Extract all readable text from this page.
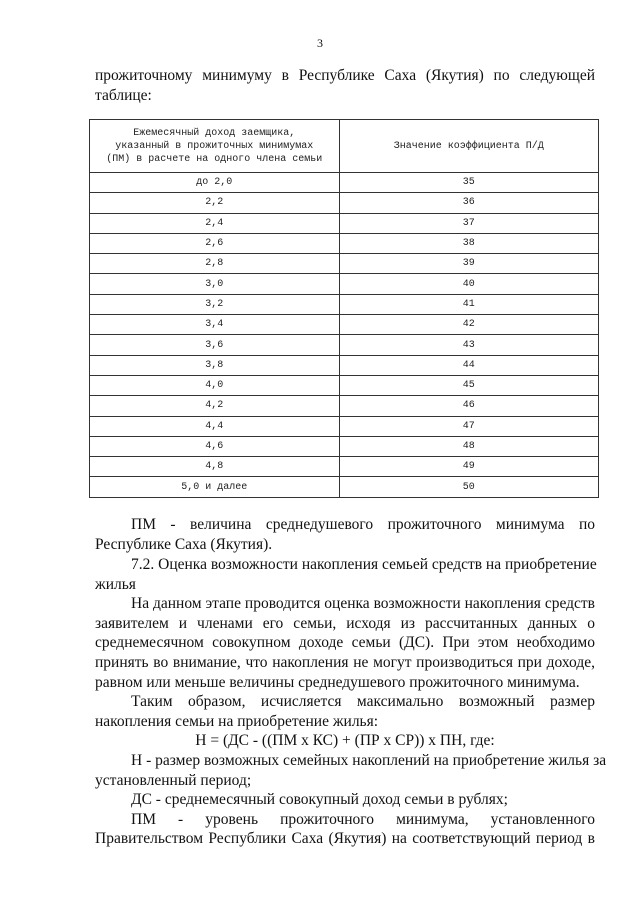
3
прожиточному минимуму в Республике Саха (Якутия) по следующей
таблице:
Ежемесячный доход заемщика,
указанный в прожиточных минимумах
(ПМ) в расчете на одного члена семьи	Значение коэффициента П/Д
до 2,0	35
2,2	36
2,4	37
2,6	38
2,8	39
3,0	40
3,2	41
3,4	42
3,6	43
3,8	44
4,0	45
4,2	46
4,4	47
4,6	48
4,8	49
5,0 и далее	50
ПМ - величина среднедушевого прожиточного минимума по
Республике Саха (Якутия).
7.2. Оценка возможности накопления семьей средств на приобретение
жилья
На данном этапе проводится оценка возможности накопления средств
заявителем и членами его семьи, исходя из рассчитанных данных о
среднемесячном совокупном доходе семьи (ДС). При этом необходимо
принять во внимание, что накопления не могут производиться при доходе,
равном или меньше величины среднедушевого прожиточного минимума.
Таким образом, исчисляется максимально возможный размер
накопления семьи на приобретение жилья:
Н = (ДС - ((ПМ х КС) + (ПР х СР)) х ПН, где:
Н - размер возможных семейных накоплений на приобретение жилья за
установленный период;
ДС - среднемесячный совокупный доход семьи в рублях;
ПМ - уровень прожиточного минимума, установленного
Правительством Республики Саха (Якутия) на соответствующий период в
